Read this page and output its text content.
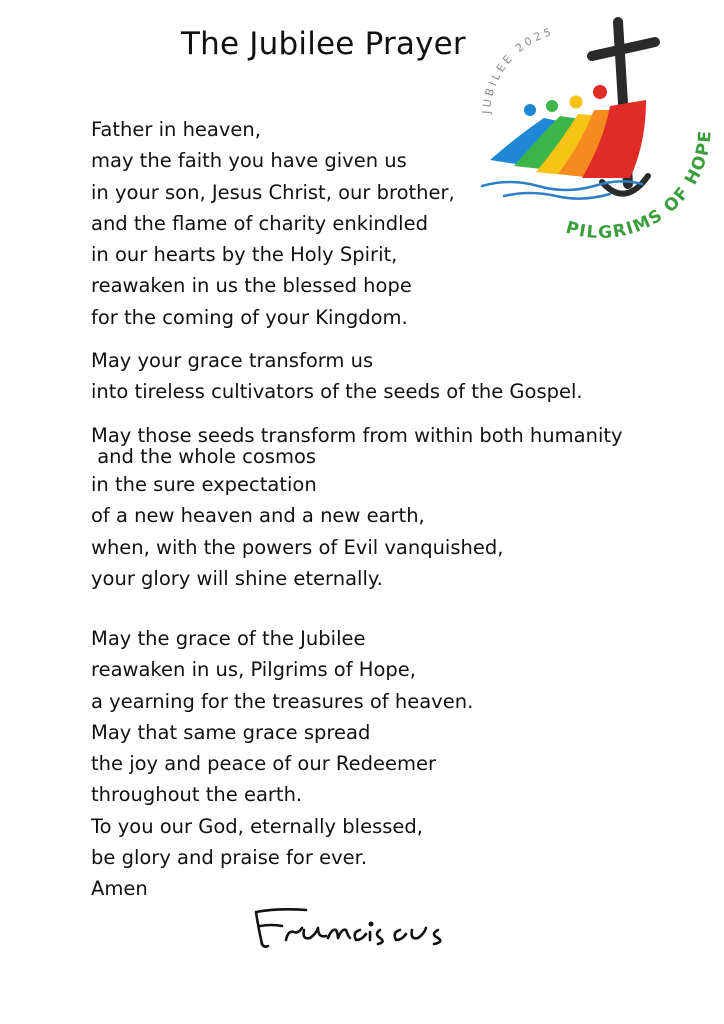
The Jubilee Prayer
JUBILEE 2025
PILGRIMS OF HOPE

Father in heaven,
may the faith you have given us
in your son, Jesus Christ, our brother,
and the flame of charity enkindled
in our hearts by the Holy Spirit,
reawaken in us the blessed hope
for the coming of your Kingdom.

May your grace transform us
into tireless cultivators of the seeds of the Gospel.

May those seeds transform from within both humanity
and the whole cosmos
in the sure expectation
of a new heaven and a new earth,
when, with the powers of Evil vanquished,
your glory will shine eternally.

May the grace of the Jubilee
reawaken in us, Pilgrims of Hope,
a yearning for the treasures of heaven.
May that same grace spread
the joy and peace of our Redeemer
throughout the earth.
To you our God, eternally blessed,
be glory and praise for ever.
Amen
